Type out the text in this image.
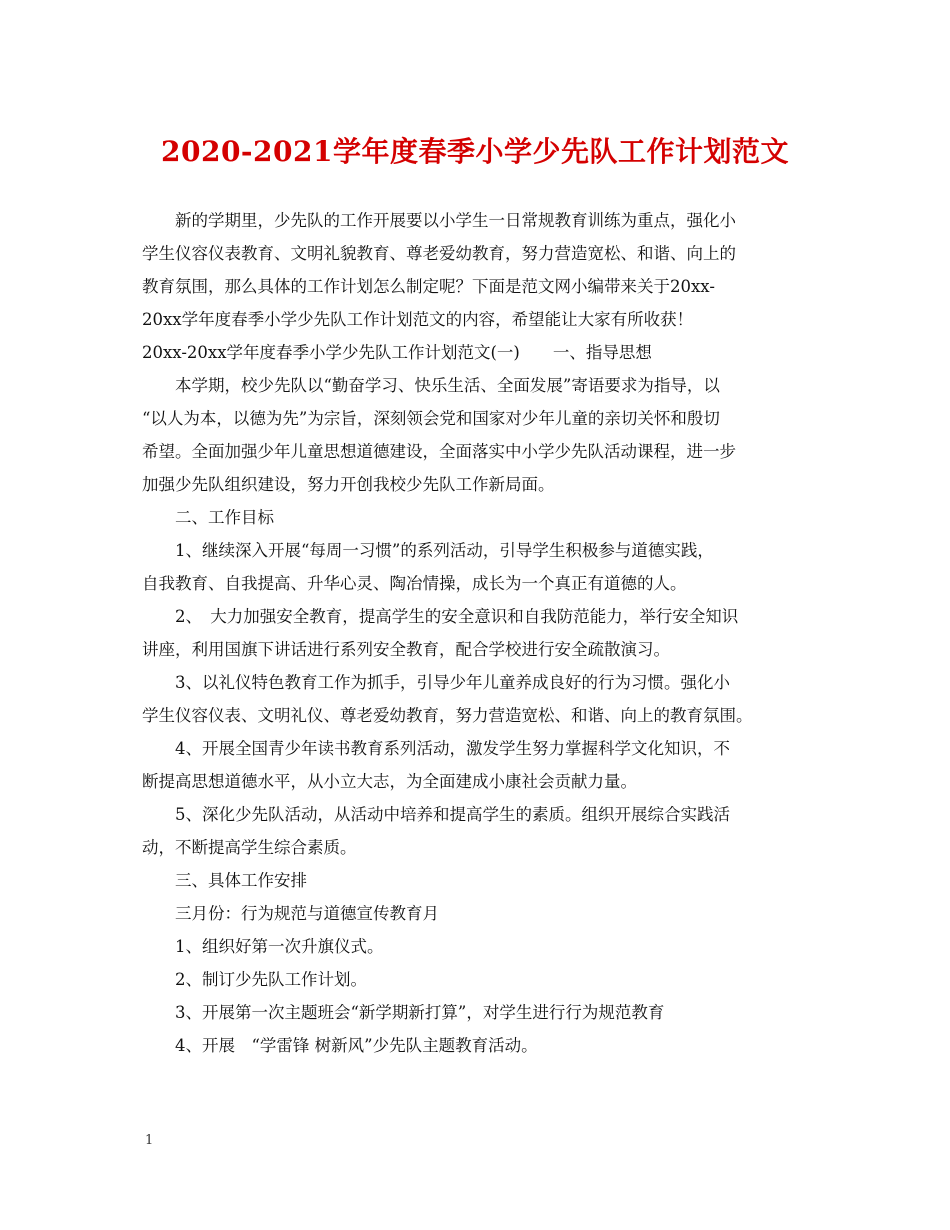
2020-2021学年度春季小学少先队工作计划范文

新的学期里，少先队的工作开展要以小学生一日常规教育训练为重点，强化小

学生仪容仪表教育、文明礼貌教育、尊老爱幼教育，努力营造宽松、和谐、向上的

教育氛围，那么具体的工作计划怎么制定呢？下面是范文网小编带来关于20xx-

20xx学年度春季小学少先队工作计划范文的内容，希望能让大家有所收获！

20xx-20xx学年度春季小学少先队工作计划范文(一)　　一、指导思想

本学期，校少先队以“勤奋学习、快乐生活、全面发展”寄语要求为指导，以

“以人为本，以德为先”为宗旨，深刻领会党和国家对少年儿童的亲切关怀和殷切

希望。全面加强少年儿童思想道德建设，全面落实中小学少先队活动课程，进一步

加强少先队组织建设，努力开创我校少先队工作新局面。

二、工作目标

1、继续深入开展“每周一习惯”的系列活动，引导学生积极参与道德实践，

自我教育、自我提高、升华心灵、陶冶情操，成长为一个真正有道德的人。

2、　大力加强安全教育，提高学生的安全意识和自我防范能力，举行安全知识

讲座，利用国旗下讲话进行系列安全教育，配合学校进行安全疏散演习。

3、以礼仪特色教育工作为抓手，引导少年儿童养成良好的行为习惯。强化小

学生仪容仪表、文明礼仪、尊老爱幼教育，努力营造宽松、和谐、向上的教育氛围。

4、开展全国青少年读书教育系列活动，激发学生努力掌握科学文化知识，不

断提高思想道德水平，从小立大志，为全面建成小康社会贡献力量。

5、深化少先队活动，从活动中培养和提高学生的素质。组织开展综合实践活

动，不断提高学生综合素质。

三、具体工作安排

三月份：行为规范与道德宣传教育月

1、组织好第一次升旗仪式。

2、制订少先队工作计划。

3、开展第一次主题班会“新学期新打算”，对学生进行行为规范教育

4、开展　“学雷锋 树新风”少先队主题教育活动。

1
